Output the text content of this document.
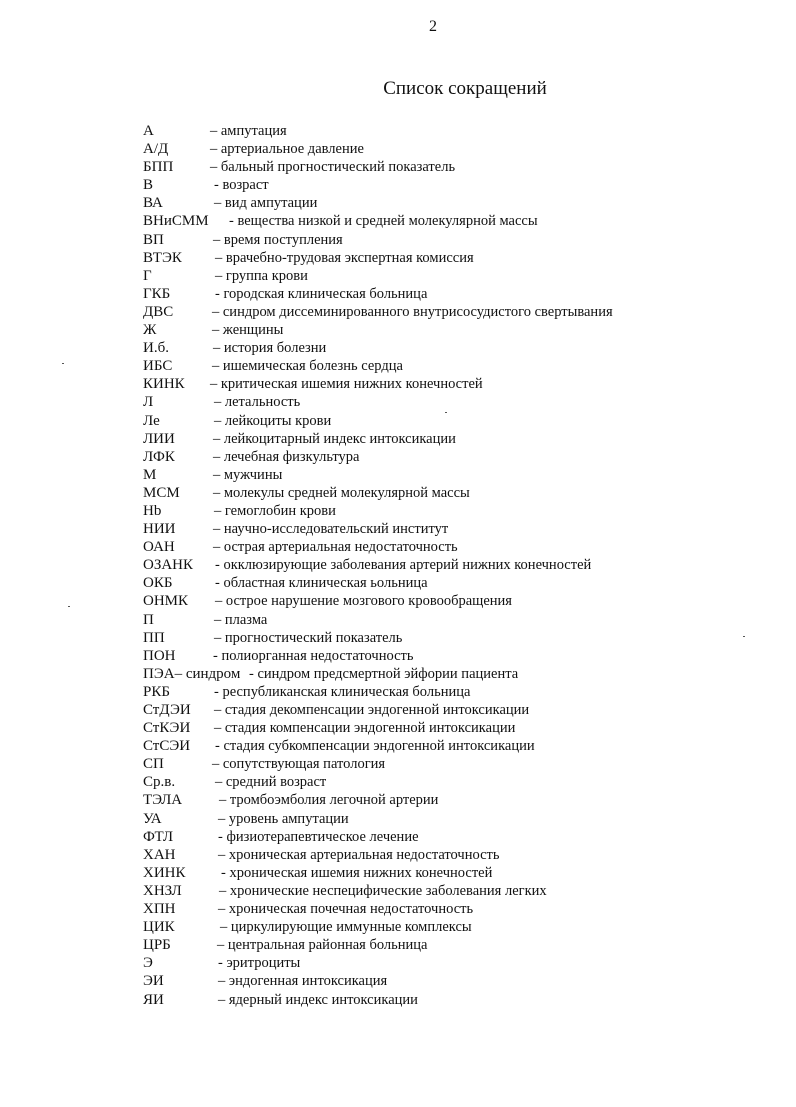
2
Список сокращений
А	– ампутация
А/Д	– артериальное давление
БПП	– бальный прогностический показатель
В	- возраст
ВА	– вид ампутации
ВНиСММ - вещества низкой и средней молекулярной массы
ВП	– время поступления
ВТЭК – врачебно-трудовая экспертная комиссия
Г	– группа крови
ГКБ	- городская клиническая больница
ДВС	– синдром диссеминированного внутрисосудистого свертывания
Ж	– женщины
И.б.	– история болезни
ИБС	– ишемическая болезнь сердца
КИНК – критическая ишемия нижних конечностей
Л	– летальность
Ле	– лейкоциты крови
ЛИИ	– лейкоцитарный индекс интоксикации
ЛФК	– лечебная физкультура
М	– мужчины
МСМ – молекулы средней молекулярной массы
Hb	– гемоглобин крови
НИИ	– научно-исследовательский институт
ОАН	– острая артериальная недостаточность
ОЗАНК - окклюзирующие заболевания артерий нижних конечностей
ОКБ	- областная клиническая ьольница
ОНМК – острое нарушение мозгового кровообращения
П	– плазма
ПП	– прогностический показатель
ПОН	- полиорганная недостаточность
ПЭА– синдром - синдром предсмертной эйфории пациента
РКБ	- республиканская клиническая больница
СтДЭИ – стадия декомпенсации эндогенной интоксикации
СтКЭИ – стадия компенсации эндогенной интоксикации
СтСЭИ - стадия субкомпенсации эндогенной интоксикации
СП	– сопутствующая патология
Ср.в.	– средний возраст
ТЭЛА	– тромбоэмболия легочной артерии
УА	– уровень ампутации
ФТЛ	- физиотерапевтическое лечение
ХАН	– хроническая артериальная недостаточность
ХИНК - хроническая ишемия нижних конечностей
ХНЗЛ	– хронические неспецифические заболевания легких
ХПН	– хроническая почечная недостаточность
ЦИК	– циркулирующие иммунные комплексы
ЦРБ	– центральная районная больница
Э	- эритроциты
ЭИ	– эндогенная интоксикация
ЯИ	– ядерный индекс интоксикации
